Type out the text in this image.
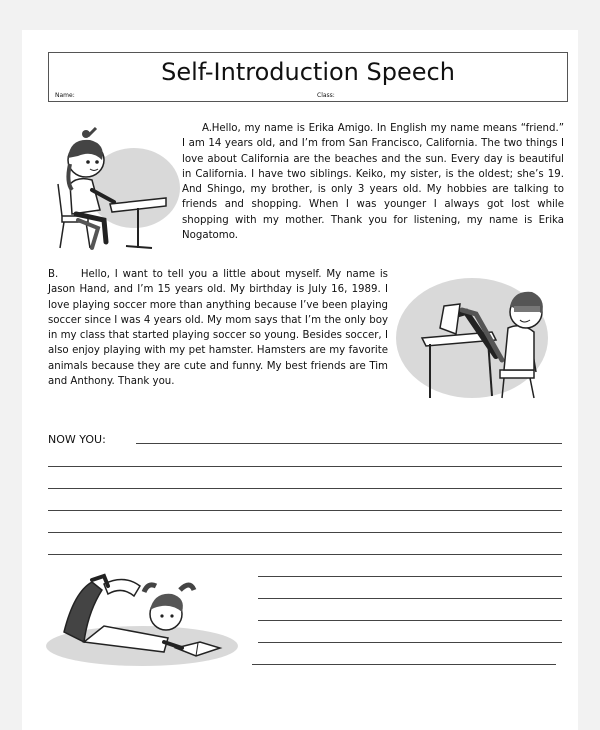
Self-Introduction Speech
Name:	Class:
A. Hello, my name is Erika Amigo. In English my name means “friend.” I am 14 years old, and I’m from San Francisco, California. The two things I love about California are the beaches and the sun. Every day is beautiful in California. I have two siblings. Keiko, my sister, is the oldest; she’s 19. And Shingo, my brother, is only 3 years old. My hobbies are talking to friends and shopping. When I was younger I always got lost while shopping with my mother. Thank you for listening, my name is Erika Nogatomo.
B. Hello, I want to tell you a little about myself. My name is Jason Hand, and I’m 15 years old. My birthday is July 16, 1989. I love playing soccer more than anything because I’ve been playing soccer since I was 4 years old. My mom says that I’m the only boy in my class that started playing soccer so young. Besides soccer, I also enjoy playing with my pet hamster. Hamsters are my favorite animals because they are cute and funny. My best friends are Tim and Anthony. Thank you.
NOW YOU:
